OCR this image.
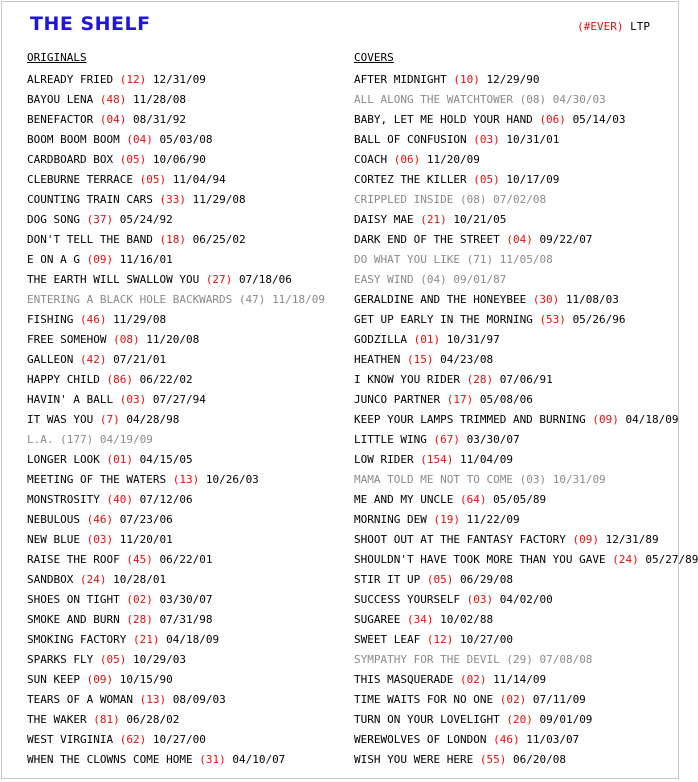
THE SHELF	(#EVER) LTP
ORIGINALS
ALREADY FRIED (12) 12/31/09
BAYOU LENA (48) 11/28/08
BENEFACTOR (04) 08/31/92
BOOM BOOM BOOM (04) 05/03/08
CARDBOARD BOX (05) 10/06/90
CLEBURNE TERRACE (05) 11/04/94
COUNTING TRAIN CARS (33) 11/29/08
DOG SONG (37) 05/24/92
DON'T TELL THE BAND (18) 06/25/02
E ON A G (09) 11/16/01
THE EARTH WILL SWALLOW YOU (27) 07/18/06
ENTERING A BLACK HOLE BACKWARDS (47) 11/18/09
FISHING (46) 11/29/08
FREE SOMEHOW (08) 11/20/08
GALLEON (42) 07/21/01
HAPPY CHILD (86) 06/22/02
HAVIN' A BALL (03) 07/27/94
IT WAS YOU (7) 04/28/98
L.A. (177) 04/19/09
LONGER LOOK (01) 04/15/05
MEETING OF THE WATERS (13) 10/26/03
MONSTROSITY (40) 07/12/06
NEBULOUS (46) 07/23/06
NEW BLUE (03) 11/20/01
RAISE THE ROOF (45) 06/22/01
SANDBOX (24) 10/28/01
SHOES ON TIGHT (02) 03/30/07
SMOKE AND BURN (28) 07/31/98
SMOKING FACTORY (21) 04/18/09
SPARKS FLY (05) 10/29/03
SUN KEEP (09) 10/15/90
TEARS OF A WOMAN (13) 08/09/03
THE WAKER (81) 06/28/02
WEST VIRGINIA (62) 10/27/00
WHEN THE CLOWNS COME HOME (31) 04/10/07
COVERS
AFTER MIDNIGHT (10) 12/29/90
ALL ALONG THE WATCHTOWER (08) 04/30/03
BABY, LET ME HOLD YOUR HAND (06) 05/14/03
BALL OF CONFUSION (03) 10/31/01
COACH (06) 11/20/09
CORTEZ THE KILLER (05) 10/17/09
CRIPPLED INSIDE (08) 07/02/08
DAISY MAE (21) 10/21/05
DARK END OF THE STREET (04) 09/22/07
DO WHAT YOU LIKE (71) 11/05/08
EASY WIND (04) 09/01/87
GERALDINE AND THE HONEYBEE (30) 11/08/03
GET UP EARLY IN THE MORNING (53) 05/26/96
GODZILLA (01) 10/31/97
HEATHEN (15) 04/23/08
I KNOW YOU RIDER (28) 07/06/91
JUNCO PARTNER (17) 05/08/06
KEEP YOUR LAMPS TRIMMED AND BURNING (09) 04/18/09
LITTLE WING (67) 03/30/07
LOW RIDER (154) 11/04/09
MAMA TOLD ME NOT TO COME (03) 10/31/09
ME AND MY UNCLE (64) 05/05/89
MORNING DEW (19) 11/22/09
SHOOT OUT AT THE FANTASY FACTORY (09) 12/31/89
SHOULDN'T HAVE TOOK MORE THAN YOU GAVE (24) 05/27/89
STIR IT UP (05) 06/29/08
SUCCESS YOURSELF (03) 04/02/00
SUGAREE (34) 10/02/88
SWEET LEAF (12) 10/27/00
SYMPATHY FOR THE DEVIL (29) 07/08/08
THIS MASQUERADE (02) 11/14/09
TIME WAITS FOR NO ONE (02) 07/11/09
TURN ON YOUR LOVELIGHT (20) 09/01/09
WEREWOLVES OF LONDON (46) 11/03/07
WISH YOU WERE HERE (55) 06/20/08
